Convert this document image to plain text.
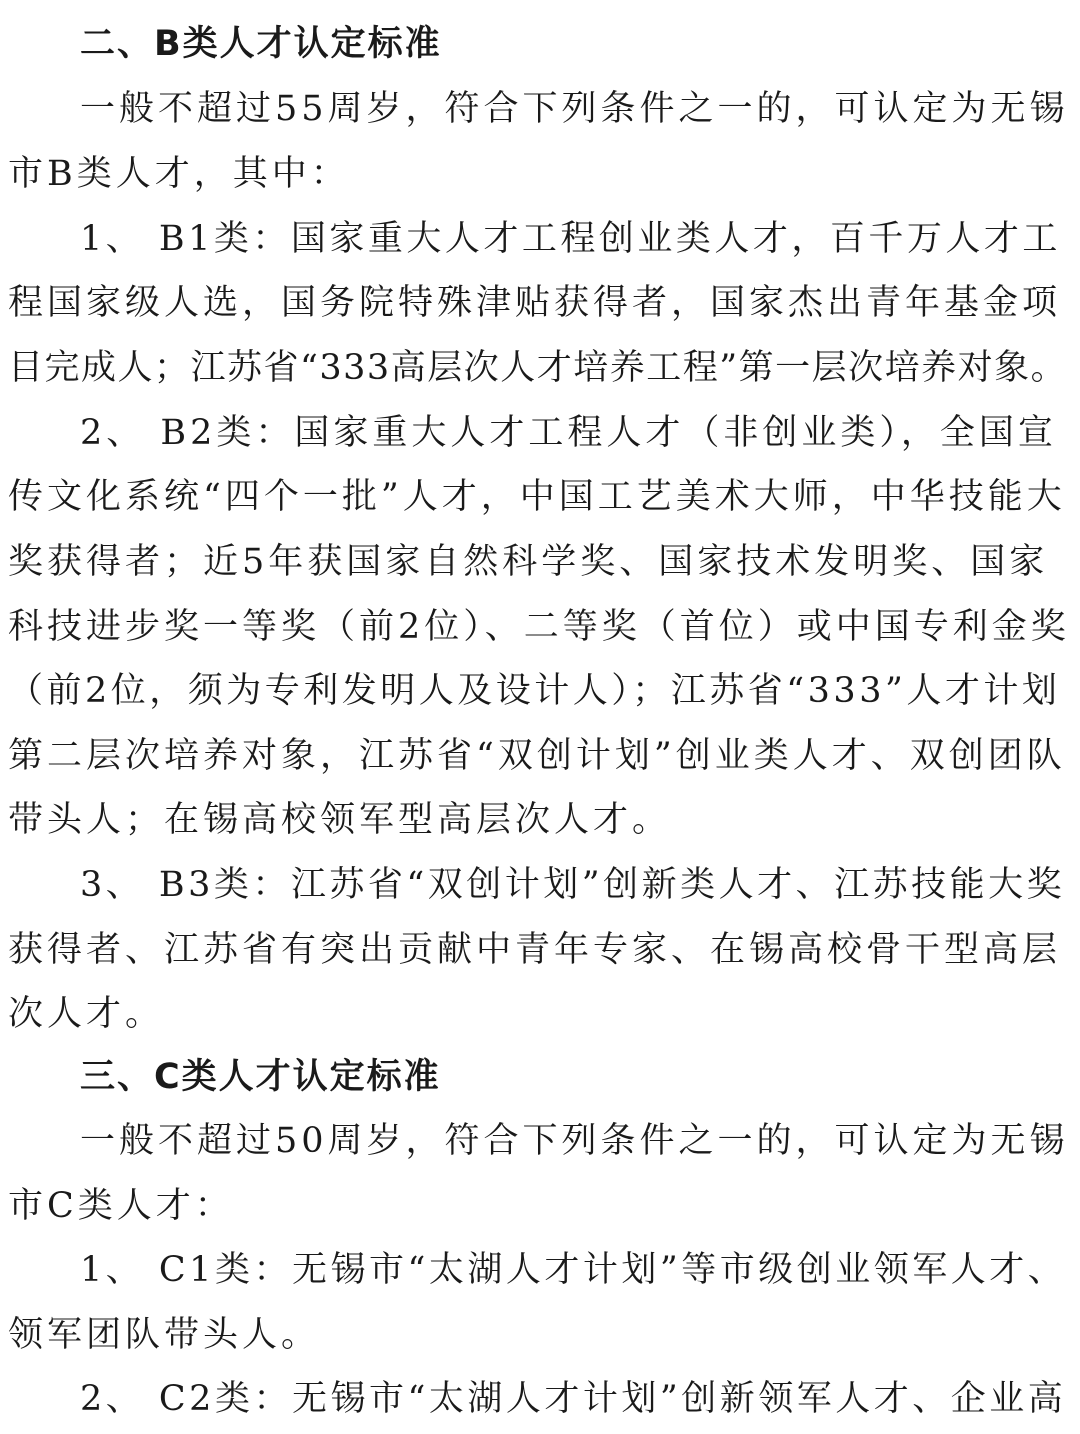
二、B类人才认定标准
一般不超过55周岁，符合下列条件之一的，可认定为无锡
市B类人才，其中：
1、 B1类：国家重大人才工程创业类人才，百千万人才工
程国家级人选，国务院特殊津贴获得者，国家杰出青年基金项
目完成人；江苏省“333高层次人才培养工程”第一层次培养对象。
2、 B2类：国家重大人才工程人才（非创业类），全国宣
传文化系统“四个一批”人才，中国工艺美术大师，中华技能大
奖获得者；近5年获国家自然科学奖、国家技术发明奖、国家
科技进步奖一等奖（前2位）、二等奖（首位）或中国专利金奖
（前2位，须为专利发明人及设计人）；江苏省“333”人才计划
第二层次培养对象，江苏省“双创计划”创业类人才、双创团队
带头人；在锡高校领军型高层次人才。
3、 B3类：江苏省“双创计划”创新类人才、江苏技能大奖
获得者、江苏省有突出贡献中青年专家、在锡高校骨干型高层
次人才。
三、C类人才认定标准
一般不超过50周岁，符合下列条件之一的，可认定为无锡
市C类人才：
1、 C1类：无锡市“太湖人才计划”等市级创业领军人才、
领军团队带头人。
2、 C2类：无锡市“太湖人才计划”创新领军人才、企业高
